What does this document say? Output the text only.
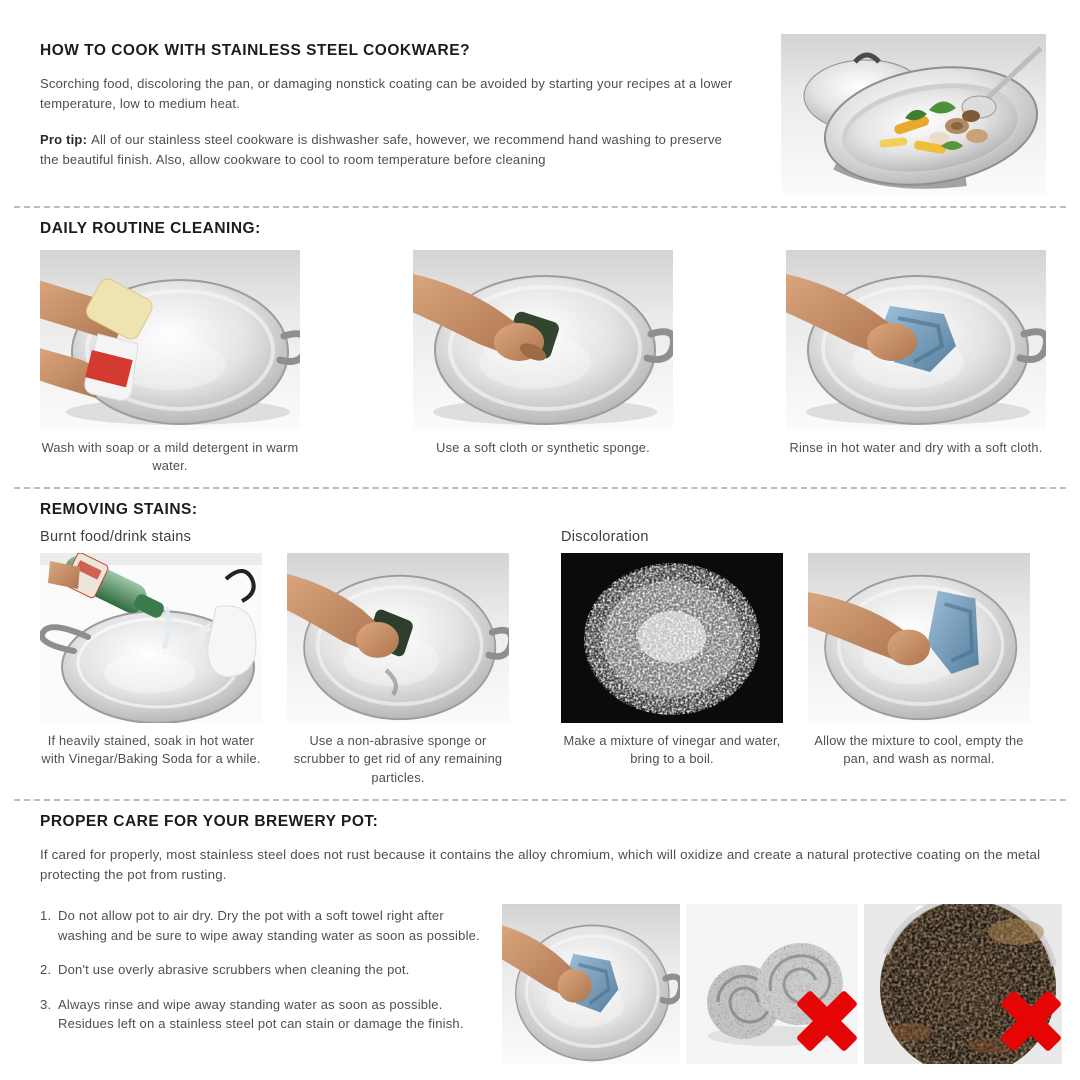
HOW TO COOK WITH STAINLESS STEEL COOKWARE?

Scorching food, discoloring the pan, or damaging nonstick coating can be avoided by starting your recipes at a lower temperature, low to medium heat.

Pro tip: All of our stainless steel cookware is dishwasher safe, however, we recommend hand washing to preserve the beautiful finish. Also, allow cookware to cool to room temperature before cleaning

DAILY ROUTINE CLEANING:
Wash with soap or a mild detergent in warm water.
Use a soft cloth or synthetic sponge.	Rinse in hot water and dry with a soft cloth.
REMOVING STAINS:
Burnt food/drink stains
If heavily stained, soak in hot water with Vinegar/Baking Soda for a while.
Use a non-abrasive sponge or scrubber to get rid of any remaining particles.
Discoloration
Make a mixture of vinegar and water, bring to a boil.
Allow the mixture to cool, empty the pan, and wash as normal.
PROPER CARE FOR YOUR BREWERY POT:

If cared for properly, most stainless steel does not rust because it contains the alloy chromium, which will oxidize and create a natural protective coating on the metal protecting the pot from rusting.

Do not allow pot to air dry. Dry the pot with a soft towel right after washing and be sure to wipe away standing water as soon as possible.
Don't use overly abrasive scrubbers when cleaning the pot.
Always rinse and wipe away standing water as soon as possible. Residues left on a stainless steel pot can stain or damage the finish.
